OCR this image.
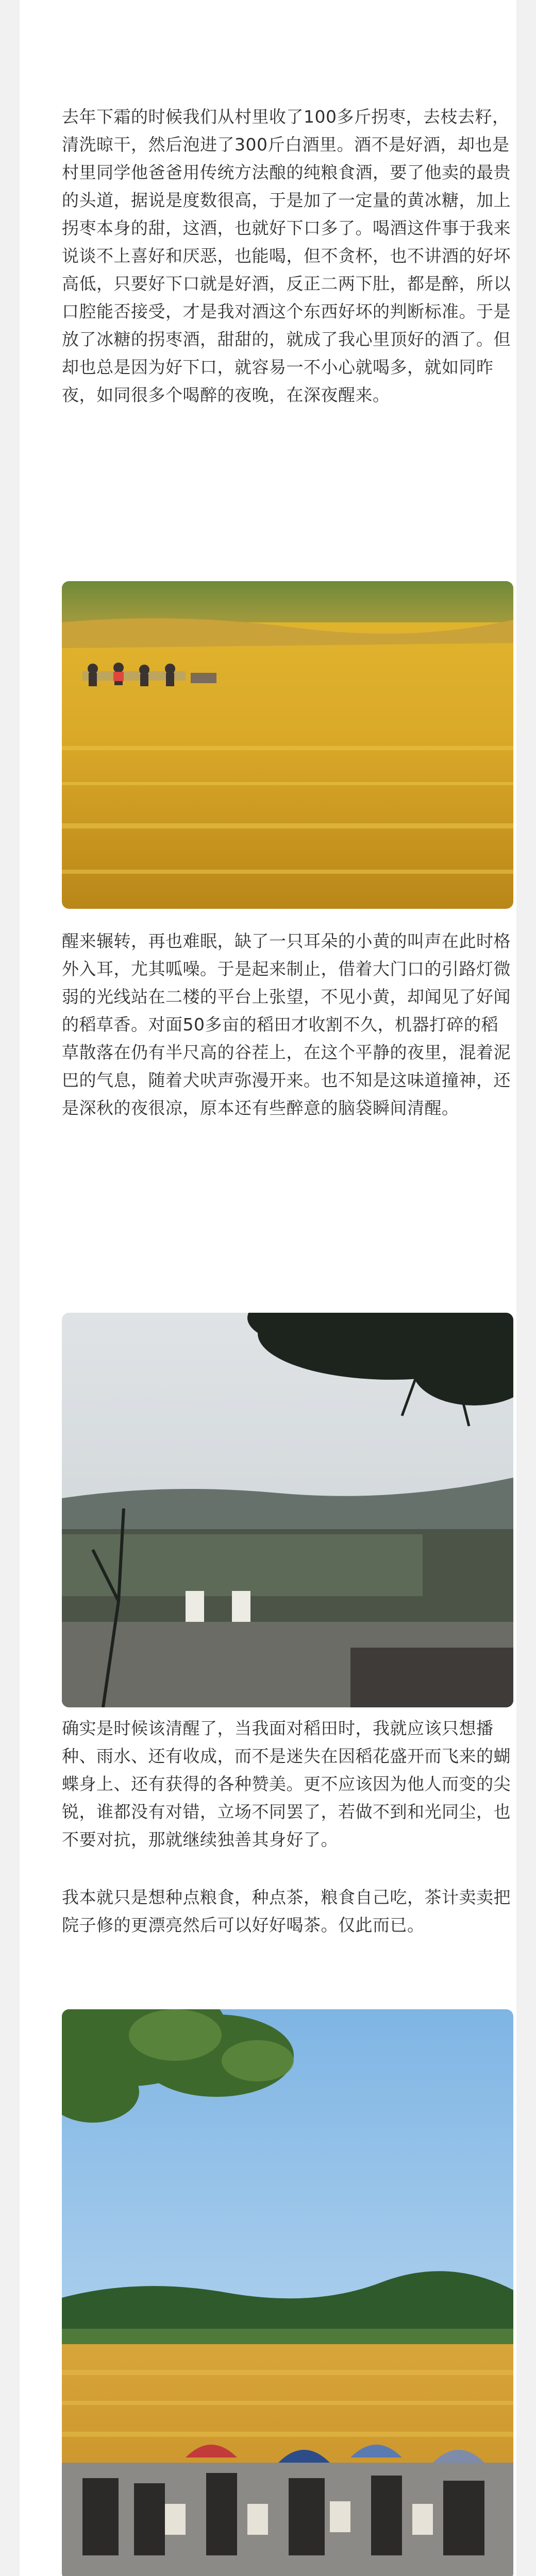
去年下霜的时候我们从村里收了100多斤拐枣，去枝去籽，清洗晾干，然后泡进了300斤白酒里。酒不是好酒，却也是村里同学他爸爸用传统方法酿的纯粮食酒，要了他卖的最贵的头道，据说是度数很高，于是加了一定量的黄冰糖，加上拐枣本身的甜，这酒，也就好下口多了。喝酒这件事于我来说谈不上喜好和厌恶，也能喝，但不贪杯，也不讲酒的好坏高低，只要好下口就是好酒，反正二两下肚，都是醉，所以口腔能否接受，才是我对酒这个东西好坏的判断标准。于是放了冰糖的拐枣酒，甜甜的，就成了我心里顶好的酒了。但却也总是因为好下口，就容易一不小心就喝多，就如同昨夜，如同很多个喝醉的夜晚，在深夜醒来。

醒来辗转，再也难眠，缺了一只耳朵的小黄的叫声在此时格外入耳，尤其呱噪。于是起来制止，借着大门口的引路灯微弱的光线站在二楼的平台上张望，不见小黄，却闻见了好闻的稻草香。对面50多亩的稻田才收割不久，机器打碎的稻草散落在仍有半尺高的谷茬上，在这个平静的夜里，混着泥巴的气息，随着犬吠声弥漫开来。也不知是这味道撞神，还是深秋的夜很凉，原本还有些醉意的脑袋瞬间清醒。

确实是时候该清醒了，当我面对稻田时，我就应该只想播种、雨水、还有收成，而不是迷失在因稻花盛开而飞来的蝴蝶身上、还有获得的各种赞美。更不应该因为他人而变的尖锐，谁都没有对错，立场不同罢了，若做不到和光同尘，也不要对抗，那就继续独善其身好了。

我本就只是想种点粮食，种点茶，粮食自己吃，茶计卖卖把院子修的更漂亮然后可以好好喝茶。仅此而已。
